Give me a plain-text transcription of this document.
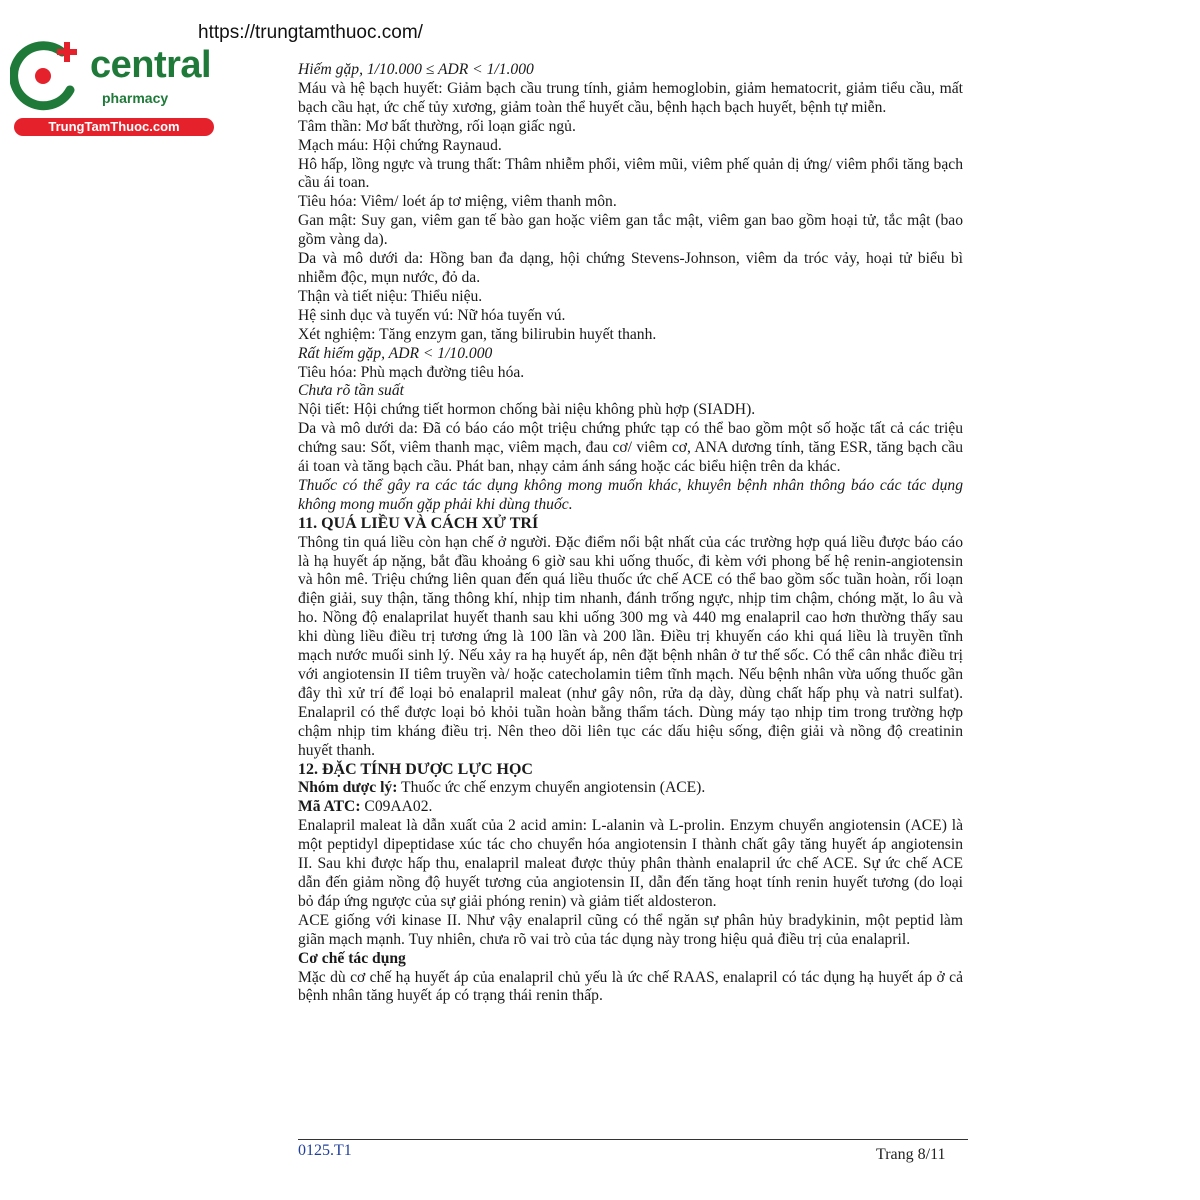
https://trungtamthuoc.com/
central
pharmacy
TrungTamThuoc.com

Hiếm gặp, 1/10.000 ≤ ADR < 1/1.000

Máu và hệ bạch huyết: Giảm bạch cầu trung tính, giảm hemoglobin, giảm hematocrit, giảm tiểu cầu, mất bạch cầu hạt, ức chế tủy xương, giảm toàn thể huyết cầu, bệnh hạch bạch huyết, bệnh tự miễn.

Tâm thần: Mơ bất thường, rối loạn giấc ngủ.

Mạch máu: Hội chứng Raynaud.

Hô hấp, lồng ngực và trung thất: Thâm nhiễm phổi, viêm mũi, viêm phế quản dị ứng/ viêm phổi tăng bạch cầu ái toan.

Tiêu hóa: Viêm/ loét áp tơ miệng, viêm thanh môn.

Gan mật: Suy gan, viêm gan tế bào gan hoặc viêm gan tắc mật, viêm gan bao gồm hoại tử, tắc mật (bao gồm vàng da).

Da và mô dưới da: Hồng ban đa dạng, hội chứng Stevens-Johnson, viêm da tróc vảy, hoại tử biểu bì nhiễm độc, mụn nước, đỏ da.

Thận và tiết niệu: Thiểu niệu.

Hệ sinh dục và tuyến vú: Nữ hóa tuyến vú.

Xét nghiệm: Tăng enzym gan, tăng bilirubin huyết thanh.

Rất hiếm gặp, ADR < 1/10.000

Tiêu hóa: Phù mạch đường tiêu hóa.

Chưa rõ tần suất

Nội tiết: Hội chứng tiết hormon chống bài niệu không phù hợp (SIADH).

Da và mô dưới da: Đã có báo cáo một triệu chứng phức tạp có thể bao gồm một số hoặc tất cả các triệu chứng sau: Sốt, viêm thanh mạc, viêm mạch, đau cơ/ viêm cơ, ANA dương tính, tăng ESR, tăng bạch cầu ái toan và tăng bạch cầu. Phát ban, nhạy cảm ánh sáng hoặc các biểu hiện trên da khác.

Thuốc có thể gây ra các tác dụng không mong muốn khác, khuyên bệnh nhân thông báo các tác dụng không mong muốn gặp phải khi dùng thuốc.

11. QUÁ LIỀU VÀ CÁCH XỬ TRÍ

Thông tin quá liều còn hạn chế ở người. Đặc điểm nổi bật nhất của các trường hợp quá liều được báo cáo là hạ huyết áp nặng, bắt đầu khoảng 6 giờ sau khi uống thuốc, đi kèm với phong bế hệ renin-angiotensin và hôn mê. Triệu chứng liên quan đến quá liều thuốc ức chế ACE có thể bao gồm sốc tuần hoàn, rối loạn điện giải, suy thận, tăng thông khí, nhịp tim nhanh, đánh trống ngực, nhịp tim chậm, chóng mặt, lo âu và ho. Nồng độ enalaprilat huyết thanh sau khi uống 300 mg và 440 mg enalapril cao hơn thường thấy sau khi dùng liều điều trị tương ứng là 100 lần và 200 lần. Điều trị khuyến cáo khi quá liều là truyền tĩnh mạch nước muối sinh lý. Nếu xảy ra hạ huyết áp, nên đặt bệnh nhân ở tư thế sốc. Có thể cân nhắc điều trị với angiotensin II tiêm truyền và/ hoặc catecholamin tiêm tĩnh mạch. Nếu bệnh nhân vừa uống thuốc gần đây thì xử trí để loại bỏ enalapril maleat (như gây nôn, rửa dạ dày, dùng chất hấp phụ và natri sulfat). Enalapril có thể được loại bỏ khỏi tuần hoàn bằng thẩm tách. Dùng máy tạo nhịp tim trong trường hợp chậm nhịp tim kháng điều trị. Nên theo dõi liên tục các dấu hiệu sống, điện giải và nồng độ creatinin huyết thanh.

12. ĐẶC TÍNH DƯỢC LỰC HỌC

Nhóm dược lý: Thuốc ức chế enzym chuyển angiotensin (ACE).

Mã ATC: C09AA02.

Enalapril maleat là dẫn xuất của 2 acid amin: L-alanin và L-prolin. Enzym chuyển angiotensin (ACE) là một peptidyl dipeptidase xúc tác cho chuyển hóa angiotensin I thành chất gây tăng huyết áp angiotensin II. Sau khi được hấp thu, enalapril maleat được thủy phân thành enalapril ức chế ACE. Sự ức chế ACE dẫn đến giảm nồng độ huyết tương của angiotensin II, dẫn đến tăng hoạt tính renin huyết tương (do loại bỏ đáp ứng ngược của sự giải phóng renin) và giảm tiết aldosteron.

ACE giống với kinase II. Như vậy enalapril cũng có thể ngăn sự phân hủy bradykinin, một peptid làm giãn mạch mạnh. Tuy nhiên, chưa rõ vai trò của tác dụng này trong hiệu quả điều trị của enalapril.

Cơ chế tác dụng

Mặc dù cơ chế hạ huyết áp của enalapril chủ yếu là ức chế RAAS, enalapril có tác dụng hạ huyết áp ở cả bệnh nhân tăng huyết áp có trạng thái renin thấp.

0125.T1	Trang 8/11
